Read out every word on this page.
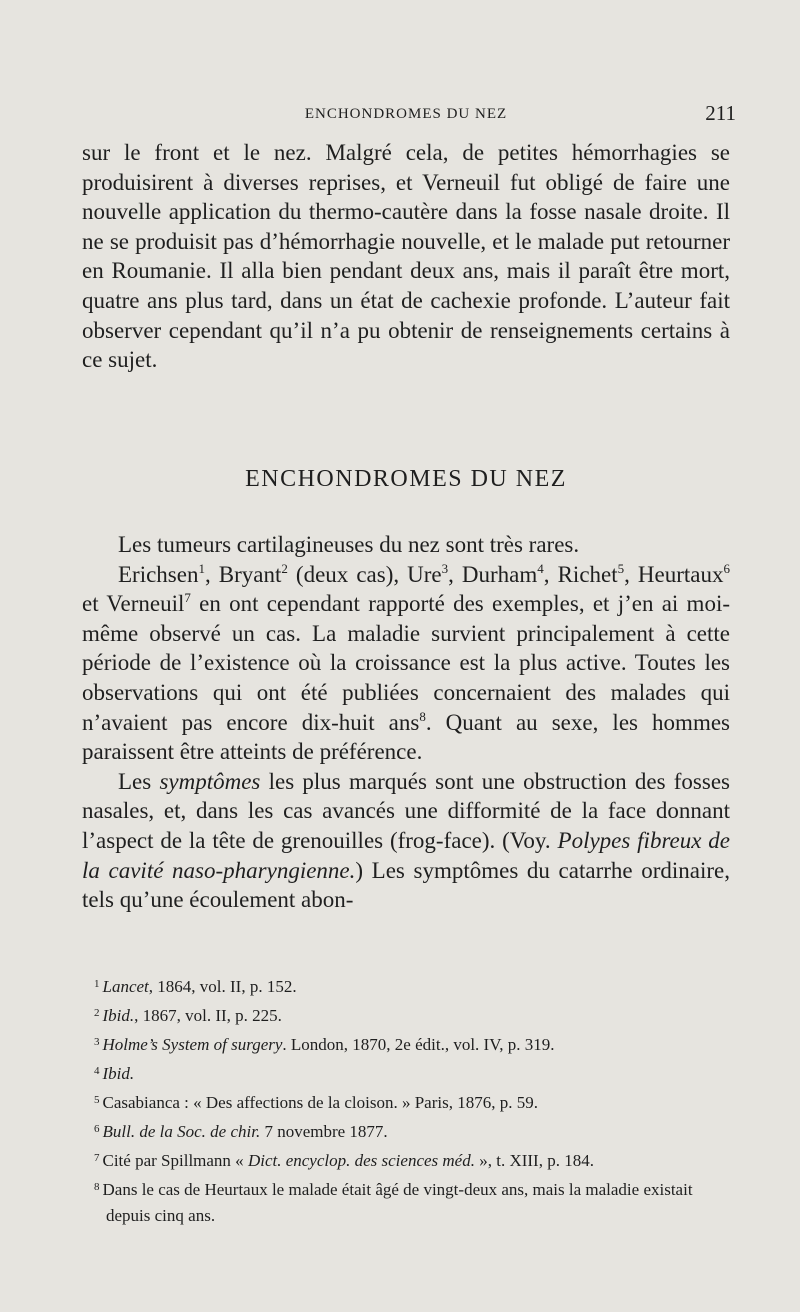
ENCHONDROMES DU NEZ	211

sur le front et le nez. Malgré cela, de petites hémorrhagies se produisirent à diverses reprises, et Verneuil fut obligé de faire une nouvelle application du thermo-cautère dans la fosse nasale droite. Il ne se produisit pas d’hémorrhagie nouvelle, et le malade put retourner en Roumanie. Il alla bien pendant deux ans, mais il paraît être mort, quatre ans plus tard, dans un état de cachexie profonde. L’auteur fait observer cependant qu’il n’a pu obtenir de renseignements certains à ce sujet.

ENCHONDROMES DU NEZ

Les tumeurs cartilagineuses du nez sont très rares.

Erichsen$^1$, Bryant$^2$ (deux cas), Ure$^3$, Durham$^4$, Richet$^5$, Heurtaux$^6$ et Verneuil$^7$ en ont cependant rapporté des exemples, et j’en ai moi-même observé un cas. La maladie survient principalement à cette période de l’existence où la croissance est la plus active. Toutes les observations qui ont été publiées concernaient des malades qui n’avaient pas encore dix-huit ans$^8$. Quant au sexe, les hommes paraissent être atteints de préférence.

Les symptômes les plus marqués sont une obstruction des fosses nasales, et, dans les cas avancés une difformité de la face donnant l’aspect de la tête de grenouilles (frog-face). (Voy. Polypes fibreux de la cavité naso-pharyngienne.) Les symptômes du catarrhe ordinaire, tels qu’une écoulement abon-

$^1$ Lancet, 1864, vol. II, p. 152.

$^2$ Ibid., 1867, vol. II, p. 225.

$^3$ Holme’s System of surgery. London, 1870, 2e édit., vol. IV, p. 319.

$^4$ Ibid.

$^5$ Casabianca : « Des affections de la cloison. » Paris, 1876, p. 59.

$^6$ Bull. de la Soc. de chir. 7 novembre 1877.

$^7$ Cité par Spillmann « Dict. encyclop. des sciences méd. », t. XIII, p. 184.

$^8$ Dans le cas de Heurtaux le malade était âgé de vingt-deux ans, mais la maladie existait depuis cinq ans.
